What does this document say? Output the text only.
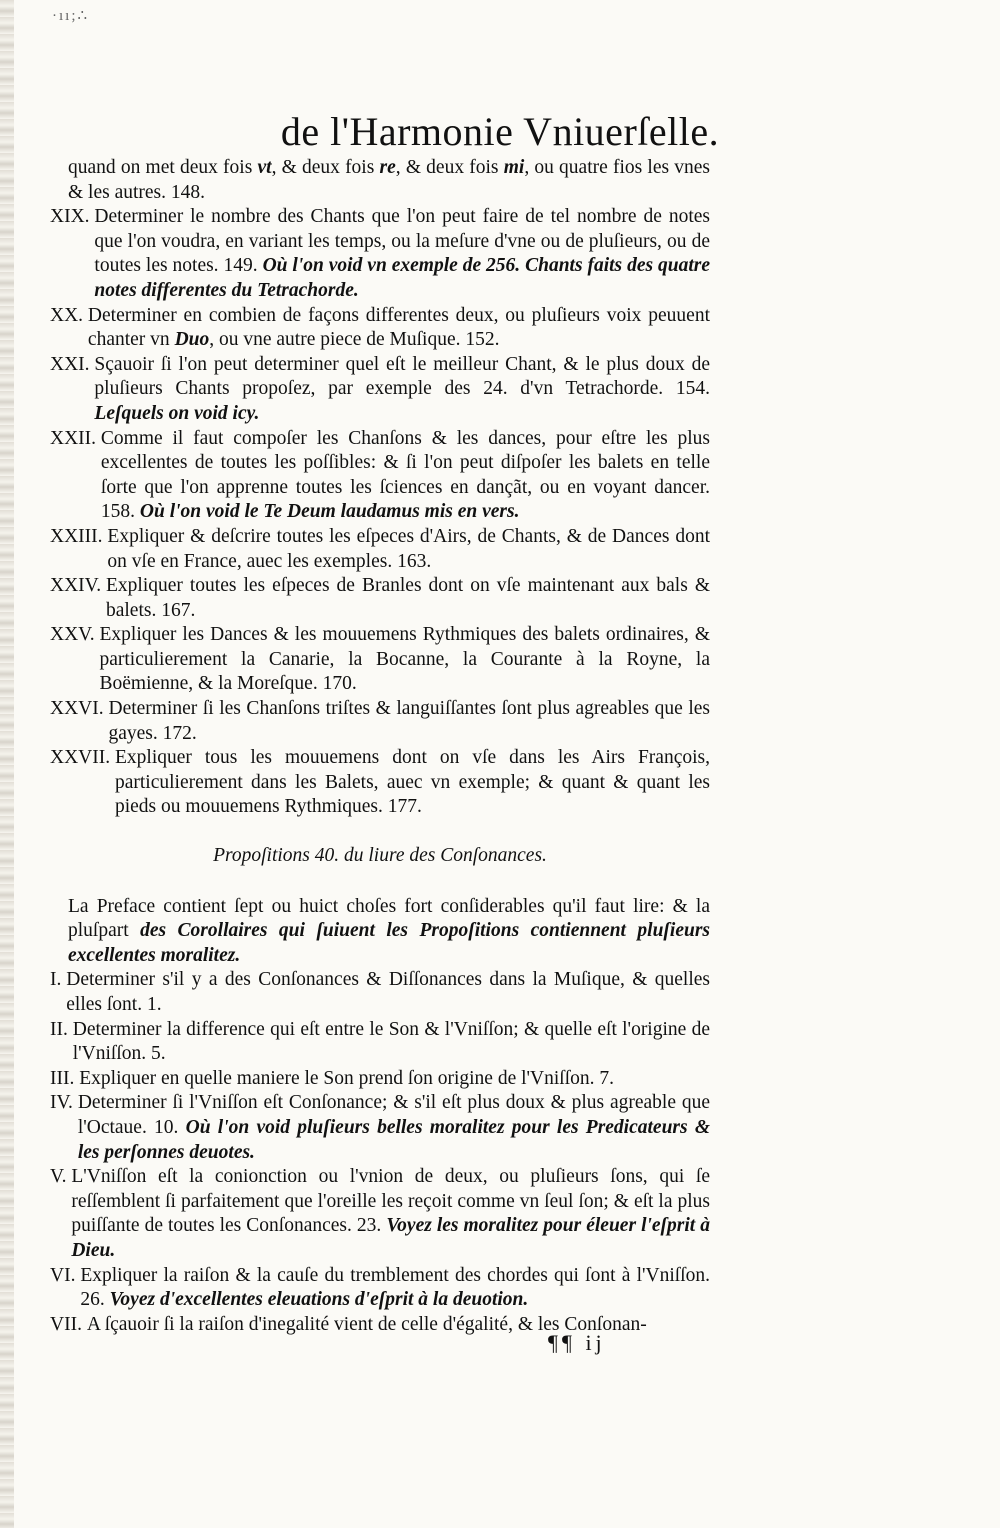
·ıı;∴
de l'Harmonie Vniuerſelle.
quand on met deux fois vt, & deux fois re, & deux fois mi, ou quatre fios les vnes & les autres. 148.
XIX. Determiner le nombre des Chants que l'on peut faire de tel nombre de notes que l'on voudra, en variant les temps, ou la meſure d'vne ou de pluſieurs, ou de toutes les notes. 149. Où l'on void vn exemple de 256. Chants faits des quatre notes differentes du Tetrachorde.
XX. Determiner en combien de façons differentes deux, ou pluſieurs voix peuuent chanter vn Duo, ou vne autre piece de Muſique. 152.
XXI. Sçauoir ſi l'on peut determiner quel eſt le meilleur Chant, & le plus doux de pluſieurs Chants propoſez, par exemple des 24. d'vn Tetrachorde. 154. Leſquels on void icy.
XXII. Comme il faut compoſer les Chanſons & les dances, pour eſtre les plus excellentes de toutes les poſſibles: & ſi l'on peut diſpoſer les balets en telle ſorte que l'on apprenne toutes les ſciences en dançãt, ou en voyant dancer. 158. Où l'on void le Te Deum laudamus mis en vers.
XXIII. Expliquer & deſcrire toutes les eſpeces d'Airs, de Chants, & de Dances dont on vſe en France, auec les exemples. 163.
XXIV. Expliquer toutes les eſpeces de Branles dont on vſe maintenant aux bals & balets. 167.
XXV. Expliquer les Dances & les mouuemens Rythmiques des balets ordinaires, & particulierement la Canarie, la Bocanne, la Courante à la Royne, la Boëmienne, & la Moreſque. 170.
XXVI. Determiner ſi les Chanſons triſtes & languiſſantes ſont plus agreables que les gayes. 172.
XXVII. Expliquer tous les mouuemens dont on vſe dans les Airs François, particulierement dans les Balets, auec vn exemple; & quant & quant les pieds ou mouuemens Rythmiques. 177.
Propoſitions 40. du liure des Conſonances.
La Preface contient ſept ou huict choſes fort conſiderables qu'il faut lire: & la pluſpart des Corollaires qui ſuiuent les Propoſitions contiennent pluſieurs excellentes moralitez.
I. Determiner s'il y a des Conſonances & Diſſonances dans la Muſique, & quelles elles ſont. 1.
II. Determiner la difference qui eſt entre le Son & l'Vniſſon; & quelle eſt l'origine de l'Vniſſon. 5.
III. Expliquer en quelle maniere le Son prend ſon origine de l'Vniſſon. 7.
IV. Determiner ſi l'Vniſſon eſt Conſonance; & s'il eſt plus doux & plus agreable que l'Octaue. 10. Où l'on void pluſieurs belles moralitez pour les Predicateurs & les perſonnes deuotes.
V. L'Vniſſon eſt la conionction ou l'vnion de deux, ou pluſieurs ſons, qui ſe reſſemblent ſi parfaitement que l'oreille les reçoit comme vn ſeul ſon; & eſt la plus puiſſante de toutes les Conſonances. 23. Voyez les moralitez pour éleuer l'eſprit à Dieu.
VI. Expliquer la raiſon & la cauſe du tremblement des chordes qui ſont à l'Vniſſon. 26. Voyez d'excellentes eleuations d'eſprit à la deuotion.
VII. A ſçauoir ſi la raiſon d'inegalité vient de celle d'égalité, & les Conſonan-
¶¶ ij
